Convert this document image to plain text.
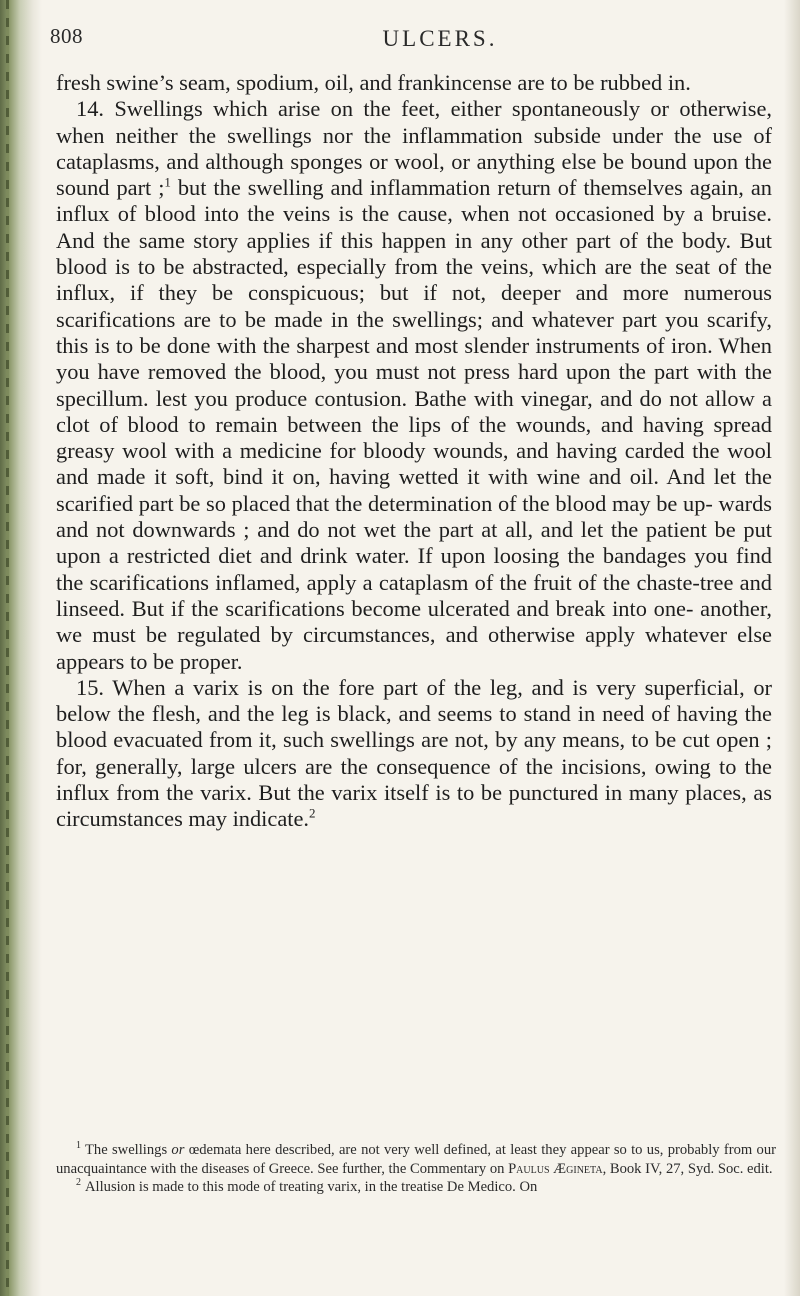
808	ULCERS.

fresh swine’s seam, spodium, oil, and frankincense are to be rubbed in.

14. Swellings which arise on the feet, either spontaneously or otherwise, when neither the swellings nor the inflammation subside under the use of cataplasms, and although sponges or wool, or anything else be bound upon the sound part ;$^1$ but the swelling and inflammation return of themselves again, an influx of blood into the veins is the cause, when not occasioned by a bruise. And the same story applies if this happen in any other part of the body. But blood is to be abstracted, especially from the veins, which are the seat of the influx, if they be conspicuous; but if not, deeper and more numerous scarifications are to be made in the swellings; and whatever part you scarify, this is to be done with the sharpest and most slender instruments of iron. When you have removed the blood, you must not press hard upon the part with the specillum. lest you produce contusion. Bathe with vinegar, and do not allow a clot of blood to remain between the lips of the wounds, and having spread greasy wool with a medicine for bloody wounds, and having carded the wool and made it soft, bind it on, having wetted it with wine and oil. And let the scarified part be so placed that the determination of the blood may be up- wards and not downwards ; and do not wet the part at all, and let the patient be put upon a restricted diet and drink water. If upon loosing the bandages you find the scarifications inflamed, apply a cataplasm of the fruit of the chaste-tree and linseed. But if the scarifications become ulcerated and break into one- another, we must be regulated by circumstances, and otherwise apply whatever else appears to be proper.

15. When a varix is on the fore part of the leg, and is very superficial, or below the flesh, and the leg is black, and seems to stand in need of having the blood evacuated from it, such swellings are not, by any means, to be cut open ; for, generally, large ulcers are the consequence of the incisions, owing to the influx from the varix. But the varix itself is to be punctured in many places, as circumstances may indicate.$^2$

$^1$ The swellings or œdemata here described, are not very well defined, at least they appear so to us, probably from our unacquaintance with the diseases of Greece. See further, the Commentary on Paulus Ægineta, Book IV, 27, Syd. Soc. edit.

$^2$ Allusion is made to this mode of treating varix, in the treatise De Medico. On
